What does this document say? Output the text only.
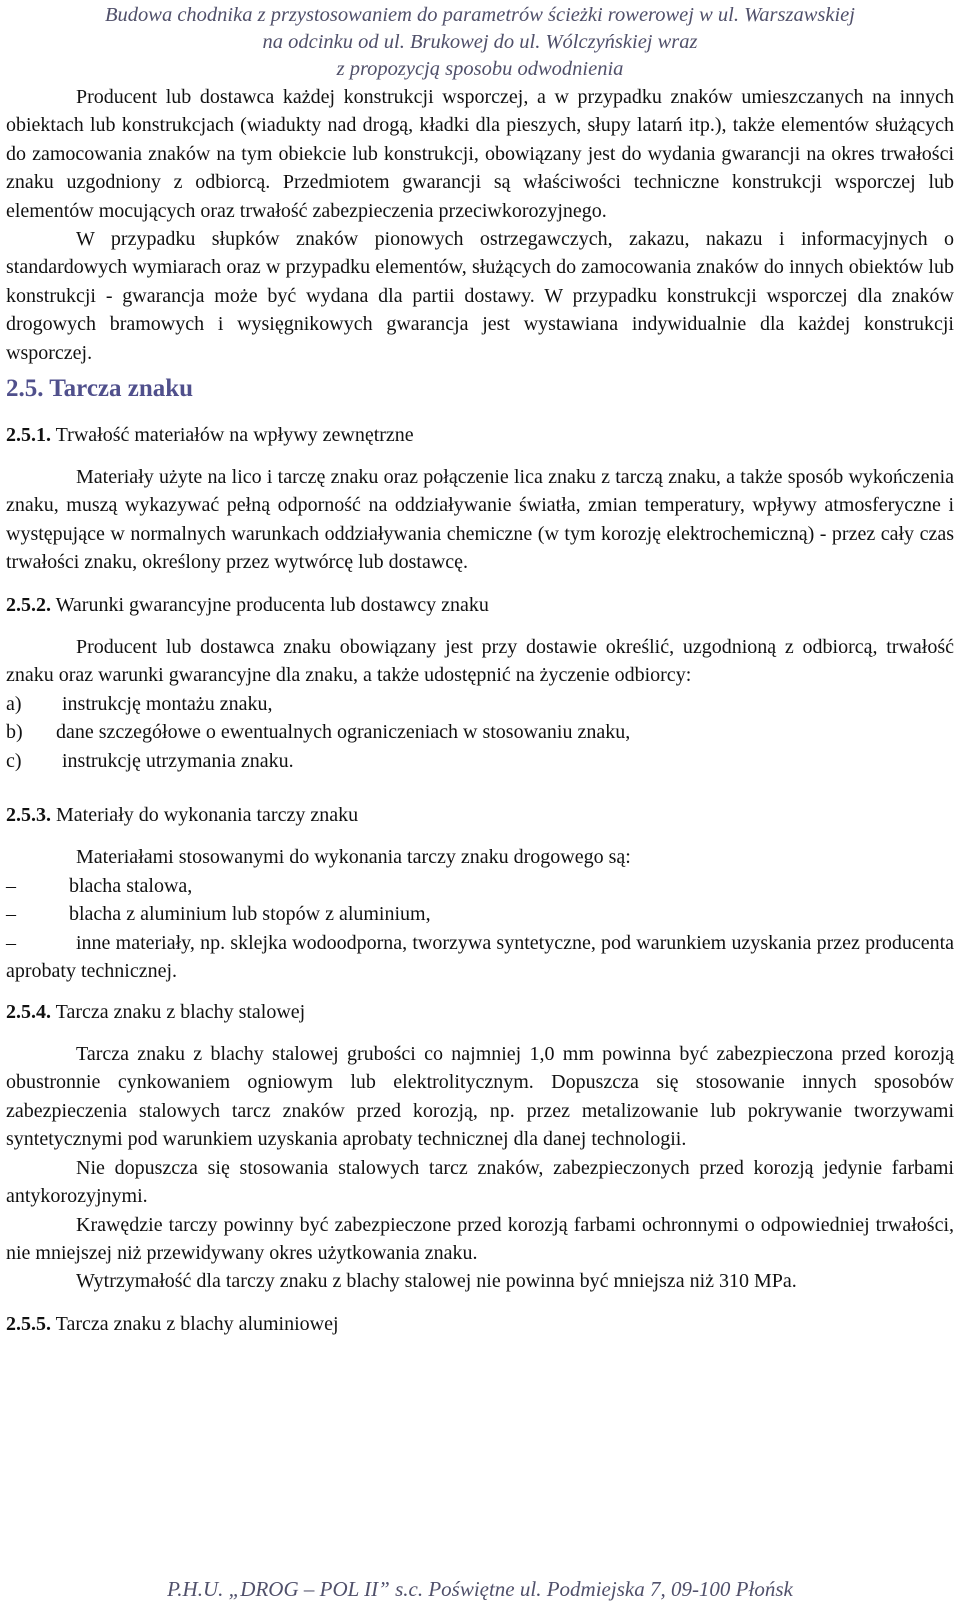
Budowa chodnika z przystosowaniem do parametrów ścieżki rowerowej w ul. Warszawskiej
na odcinku od ul. Brukowej do ul. Wólczyńskiej wraz
z propozycją sposobu odwodnienia

Producent lub dostawca każdej konstrukcji wsporczej, a w przypadku znaków umieszczanych na innych obiektach lub konstrukcjach (wiadukty nad drogą, kładki dla pieszych, słupy latarń itp.), także elementów służących do zamocowania znaków na tym obiekcie lub konstrukcji, obowiązany jest do wydania gwarancji na okres trwałości znaku uzgodniony z odbiorcą. Przedmiotem gwarancji są właściwości techniczne konstrukcji wsporczej lub elementów mocujących oraz trwałość zabezpieczenia przeciwkorozyjnego.

W przypadku słupków znaków pionowych ostrzegawczych, zakazu, nakazu i informacyjnych o standardowych wymiarach oraz w przypadku elementów, służących do zamocowania znaków do innych obiektów lub konstrukcji - gwarancja może być wydana dla partii dostawy. W przypadku konstrukcji wsporczej dla znaków drogowych bramowych i wysięgnikowych gwarancja jest wystawiana indywidualnie dla każdej konstrukcji wsporczej.

2.5. Tarcza znaku
2.5.1. Trwałość materiałów na wpływy zewnętrzne

Materiały użyte na lico i tarczę znaku oraz połączenie lica znaku z tarczą znaku, a także sposób wykończenia znaku, muszą wykazywać pełną odporność na oddziaływanie światła, zmian temperatury, wpływy atmosferyczne i występujące w normalnych warunkach oddziaływania chemiczne (w tym korozję elektrochemiczną) - przez cały czas trwałości znaku, określony przez wytwórcę lub dostawcę.

2.5.2. Warunki gwarancyjne producenta lub dostawcy znaku

Producent lub dostawca znaku obowiązany jest przy dostawie określić, uzgodnioną z odbiorcą, trwałość znaku oraz warunki gwarancyjne dla znaku, a także udostępnić na życzenie odbiorcy:

a)	instrukcję montażu znaku,
b)	dane szczegółowe o ewentualnych ograniczeniach w stosowaniu znaku,
c)	instrukcję utrzymania znaku.
2.5.3. Materiały do wykonania tarczy znaku

Materiałami stosowanymi do wykonania tarczy znaku drogowego są:

–	blacha stalowa,
–	blacha z aluminium lub stopów z aluminium,
–	inne materiały, np. sklejka wodoodporna, tworzywa syntetyczne, pod warunkiem uzyskania przez producenta aprobaty technicznej.
2.5.4. Tarcza znaku z blachy stalowej

Tarcza znaku z blachy stalowej grubości co najmniej 1,0 mm powinna być zabezpieczona przed korozją obustronnie cynkowaniem ogniowym lub elektrolitycznym. Dopuszcza się stosowanie innych sposobów zabezpieczenia stalowych tarcz znaków przed korozją, np. przez metalizowanie lub pokrywanie tworzywami syntetycznymi pod warunkiem uzyskania aprobaty technicznej dla danej technologii.

Nie dopuszcza się stosowania stalowych tarcz znaków, zabezpieczonych przed korozją jedynie farbami antykorozyjnymi.

Krawędzie tarczy powinny być zabezpieczone przed korozją farbami ochronnymi o odpowiedniej trwałości, nie mniejszej niż przewidywany okres użytkowania znaku.

Wytrzymałość dla tarczy znaku z blachy stalowej nie powinna być mniejsza niż 310 MPa.

2.5.5. Tarcza znaku z blachy aluminiowej
P.H.U. „DROG – POL II” s.c. Poświętne ul. Podmiejska 7, 09-100 Płońsk
